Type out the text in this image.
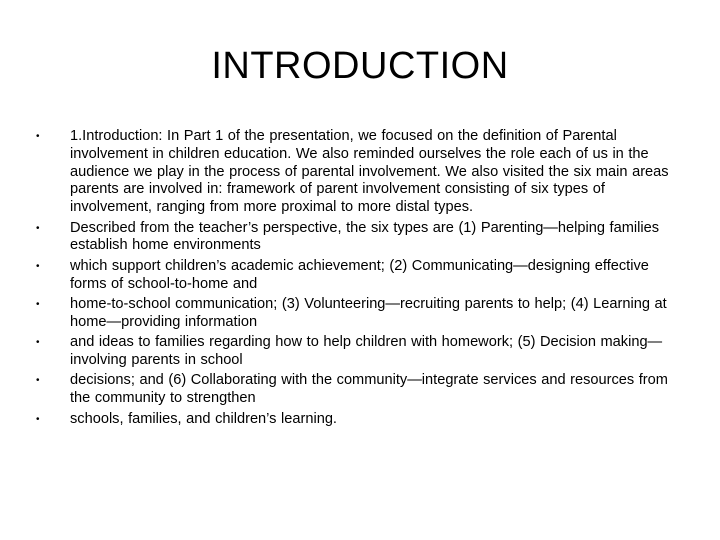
INTRODUCTION
•	1.Introduction: In Part 1 of the presentation, we focused on the definition of Parental involvement in children education. We also reminded ourselves the role each of us in the audience we play in the process of parental involvement. We also visited the six main areas parents are involved in: framework of parent involvement consisting of six types of involvement, ranging from more proximal to more distal types.
•	Described from the teacher’s perspective, the six types are (1) Parenting—helping families establish home environments
•	which support children’s academic achievement; (2) Communicating—designing effective forms of school-to-home and
•	home-to-school communication; (3) Volunteering—recruiting parents to help; (4) Learning at home—providing information
•	and ideas to families regarding how to help children with homework; (5) Decision making—involving parents in school
•	decisions; and (6) Collaborating with the community—integrate services and resources from the community to strengthen
•	schools, families, and children’s learning.
